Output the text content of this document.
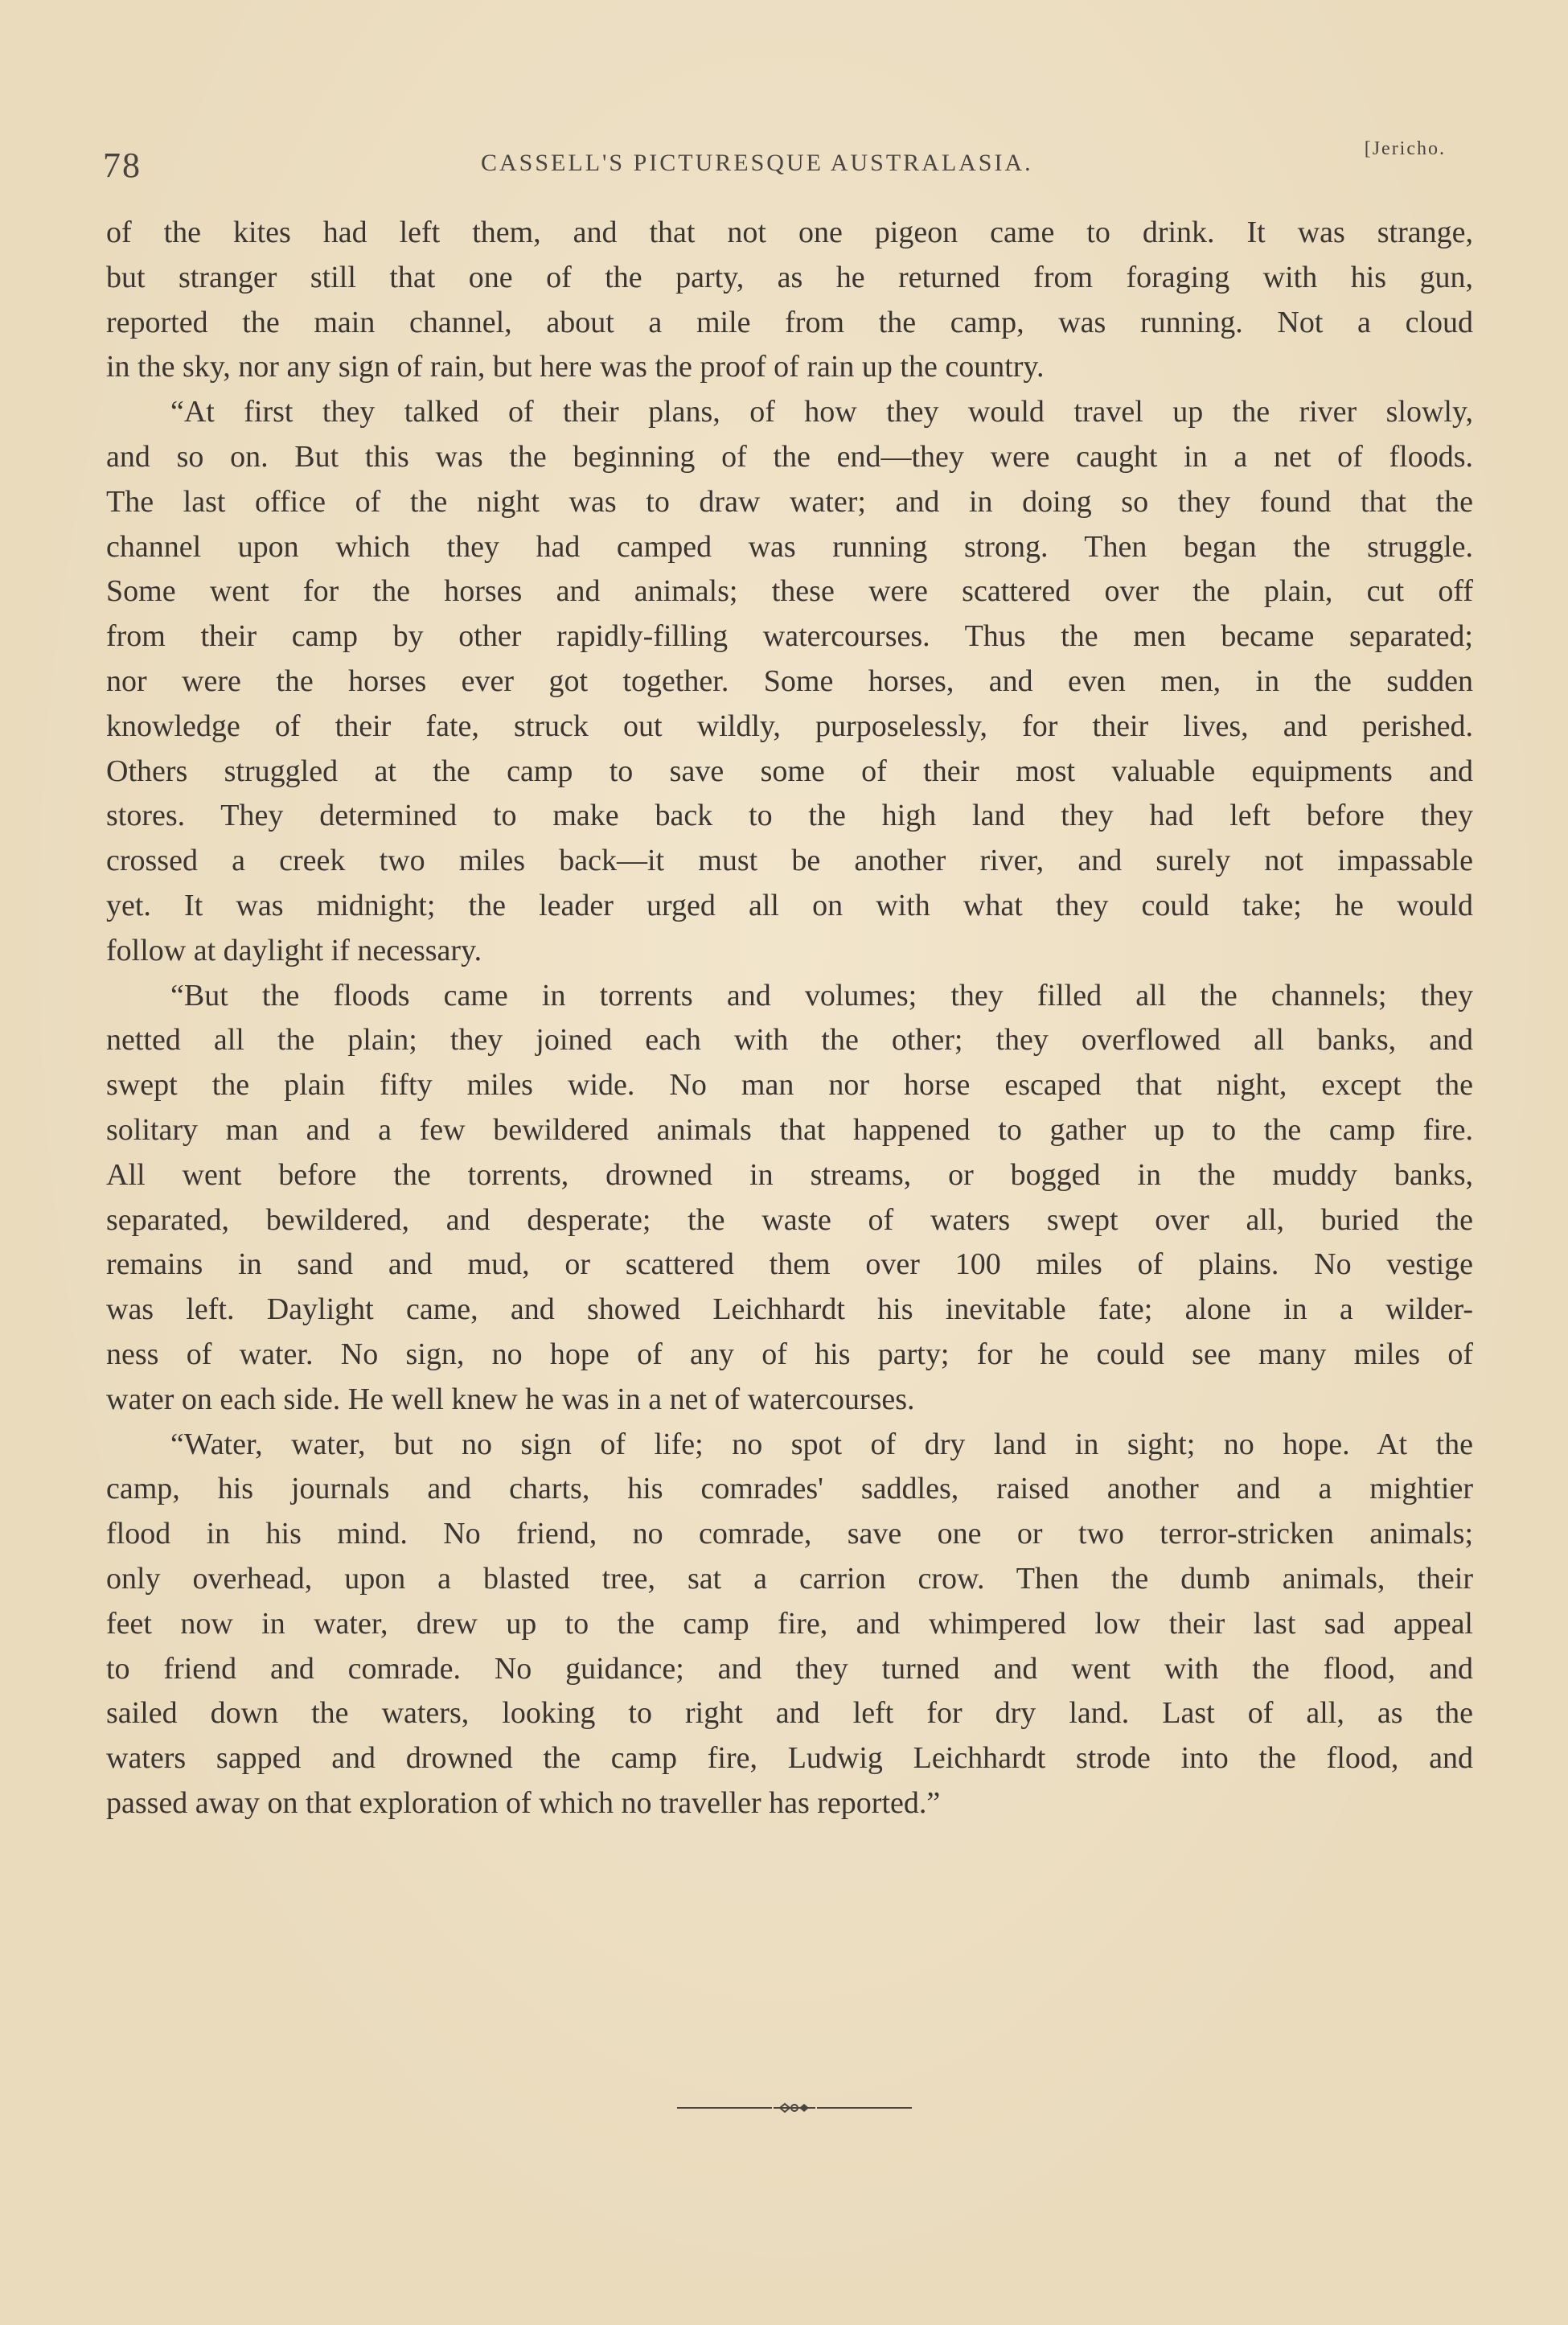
78	CASSELL'S PICTURESQUE AUSTRALASIA.
[Jericho.
of the kites had left them, and that not one pigeon came to drink. It was strange,
but stranger still that one of the party, as he returned from foraging with his gun,
reported the main channel, about a mile from the camp, was running. Not a cloud
in the sky, nor any sign of rain, but here was the proof of rain up the country.
“At first they talked of their plans, of how they would travel up the river slowly,
and so on. But this was the beginning of the end—they were caught in a net of floods.
The last office of the night was to draw water; and in doing so they found that the
channel upon which they had camped was running strong. Then began the struggle.
Some went for the horses and animals; these were scattered over the plain, cut off
from their camp by other rapidly-filling watercourses. Thus the men became separated;
nor were the horses ever got together. Some horses, and even men, in the sudden
knowledge of their fate, struck out wildly, purposelessly, for their lives, and perished.
Others struggled at the camp to save some of their most valuable equipments and
stores. They determined to make back to the high land they had left before they
crossed a creek two miles back—it must be another river, and surely not impassable
yet. It was midnight; the leader urged all on with what they could take; he would
follow at daylight if necessary.
“But the floods came in torrents and volumes; they filled all the channels; they
netted all the plain; they joined each with the other; they overflowed all banks, and
swept the plain fifty miles wide. No man nor horse escaped that night, except the
solitary man and a few bewildered animals that happened to gather up to the camp fire.
All went before the torrents, drowned in streams, or bogged in the muddy banks,
separated, bewildered, and desperate; the waste of waters swept over all, buried the
remains in sand and mud, or scattered them over 100 miles of plains. No vestige
was left. Daylight came, and showed Leichhardt his inevitable fate; alone in a wilder-
ness of water. No sign, no hope of any of his party; for he could see many miles of
water on each side. He well knew he was in a net of watercourses.
“Water, water, but no sign of life; no spot of dry land in sight; no hope. At the
camp, his journals and charts, his comrades' saddles, raised another and a mightier
flood in his mind. No friend, no comrade, save one or two terror-stricken animals;
only overhead, upon a blasted tree, sat a carrion crow. Then the dumb animals, their
feet now in water, drew up to the camp fire, and whimpered low their last sad appeal
to friend and comrade. No guidance; and they turned and went with the flood, and
sailed down the waters, looking to right and left for dry land. Last of all, as the
waters sapped and drowned the camp fire, Ludwig Leichhardt strode into the flood, and
passed away on that exploration of which no traveller has reported.”
